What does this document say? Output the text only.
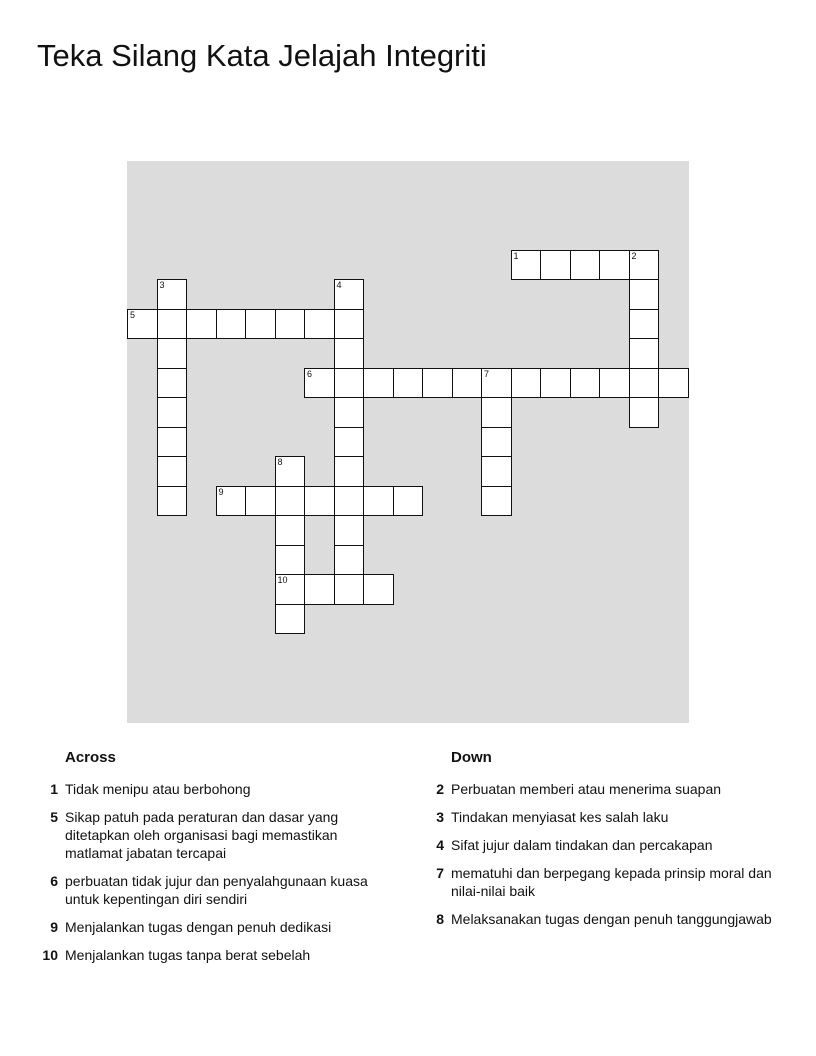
Teka Silang Kata Jelajah Integriti
1	2
3	4
5
6	7
8
10
9
Across
1 Tidak menipu atau berbohong
5 Sikap patuh pada peraturan dan dasar yang ditetapkan oleh organisasi bagi memastikan matlamat jabatan tercapai
6 perbuatan tidak jujur dan penyalahgunaan kuasa untuk kepentingan diri sendiri
9 Menjalankan tugas dengan penuh dedikasi
10 Menjalankan tugas tanpa berat sebelah
Down
2 Perbuatan memberi atau menerima suapan
3 Tindakan menyiasat kes salah laku
4 Sifat jujur dalam tindakan dan percakapan
7 mematuhi dan berpegang kepada prinsip moral dan nilai-nilai baik
8 Melaksanakan tugas dengan penuh tanggungjawab
